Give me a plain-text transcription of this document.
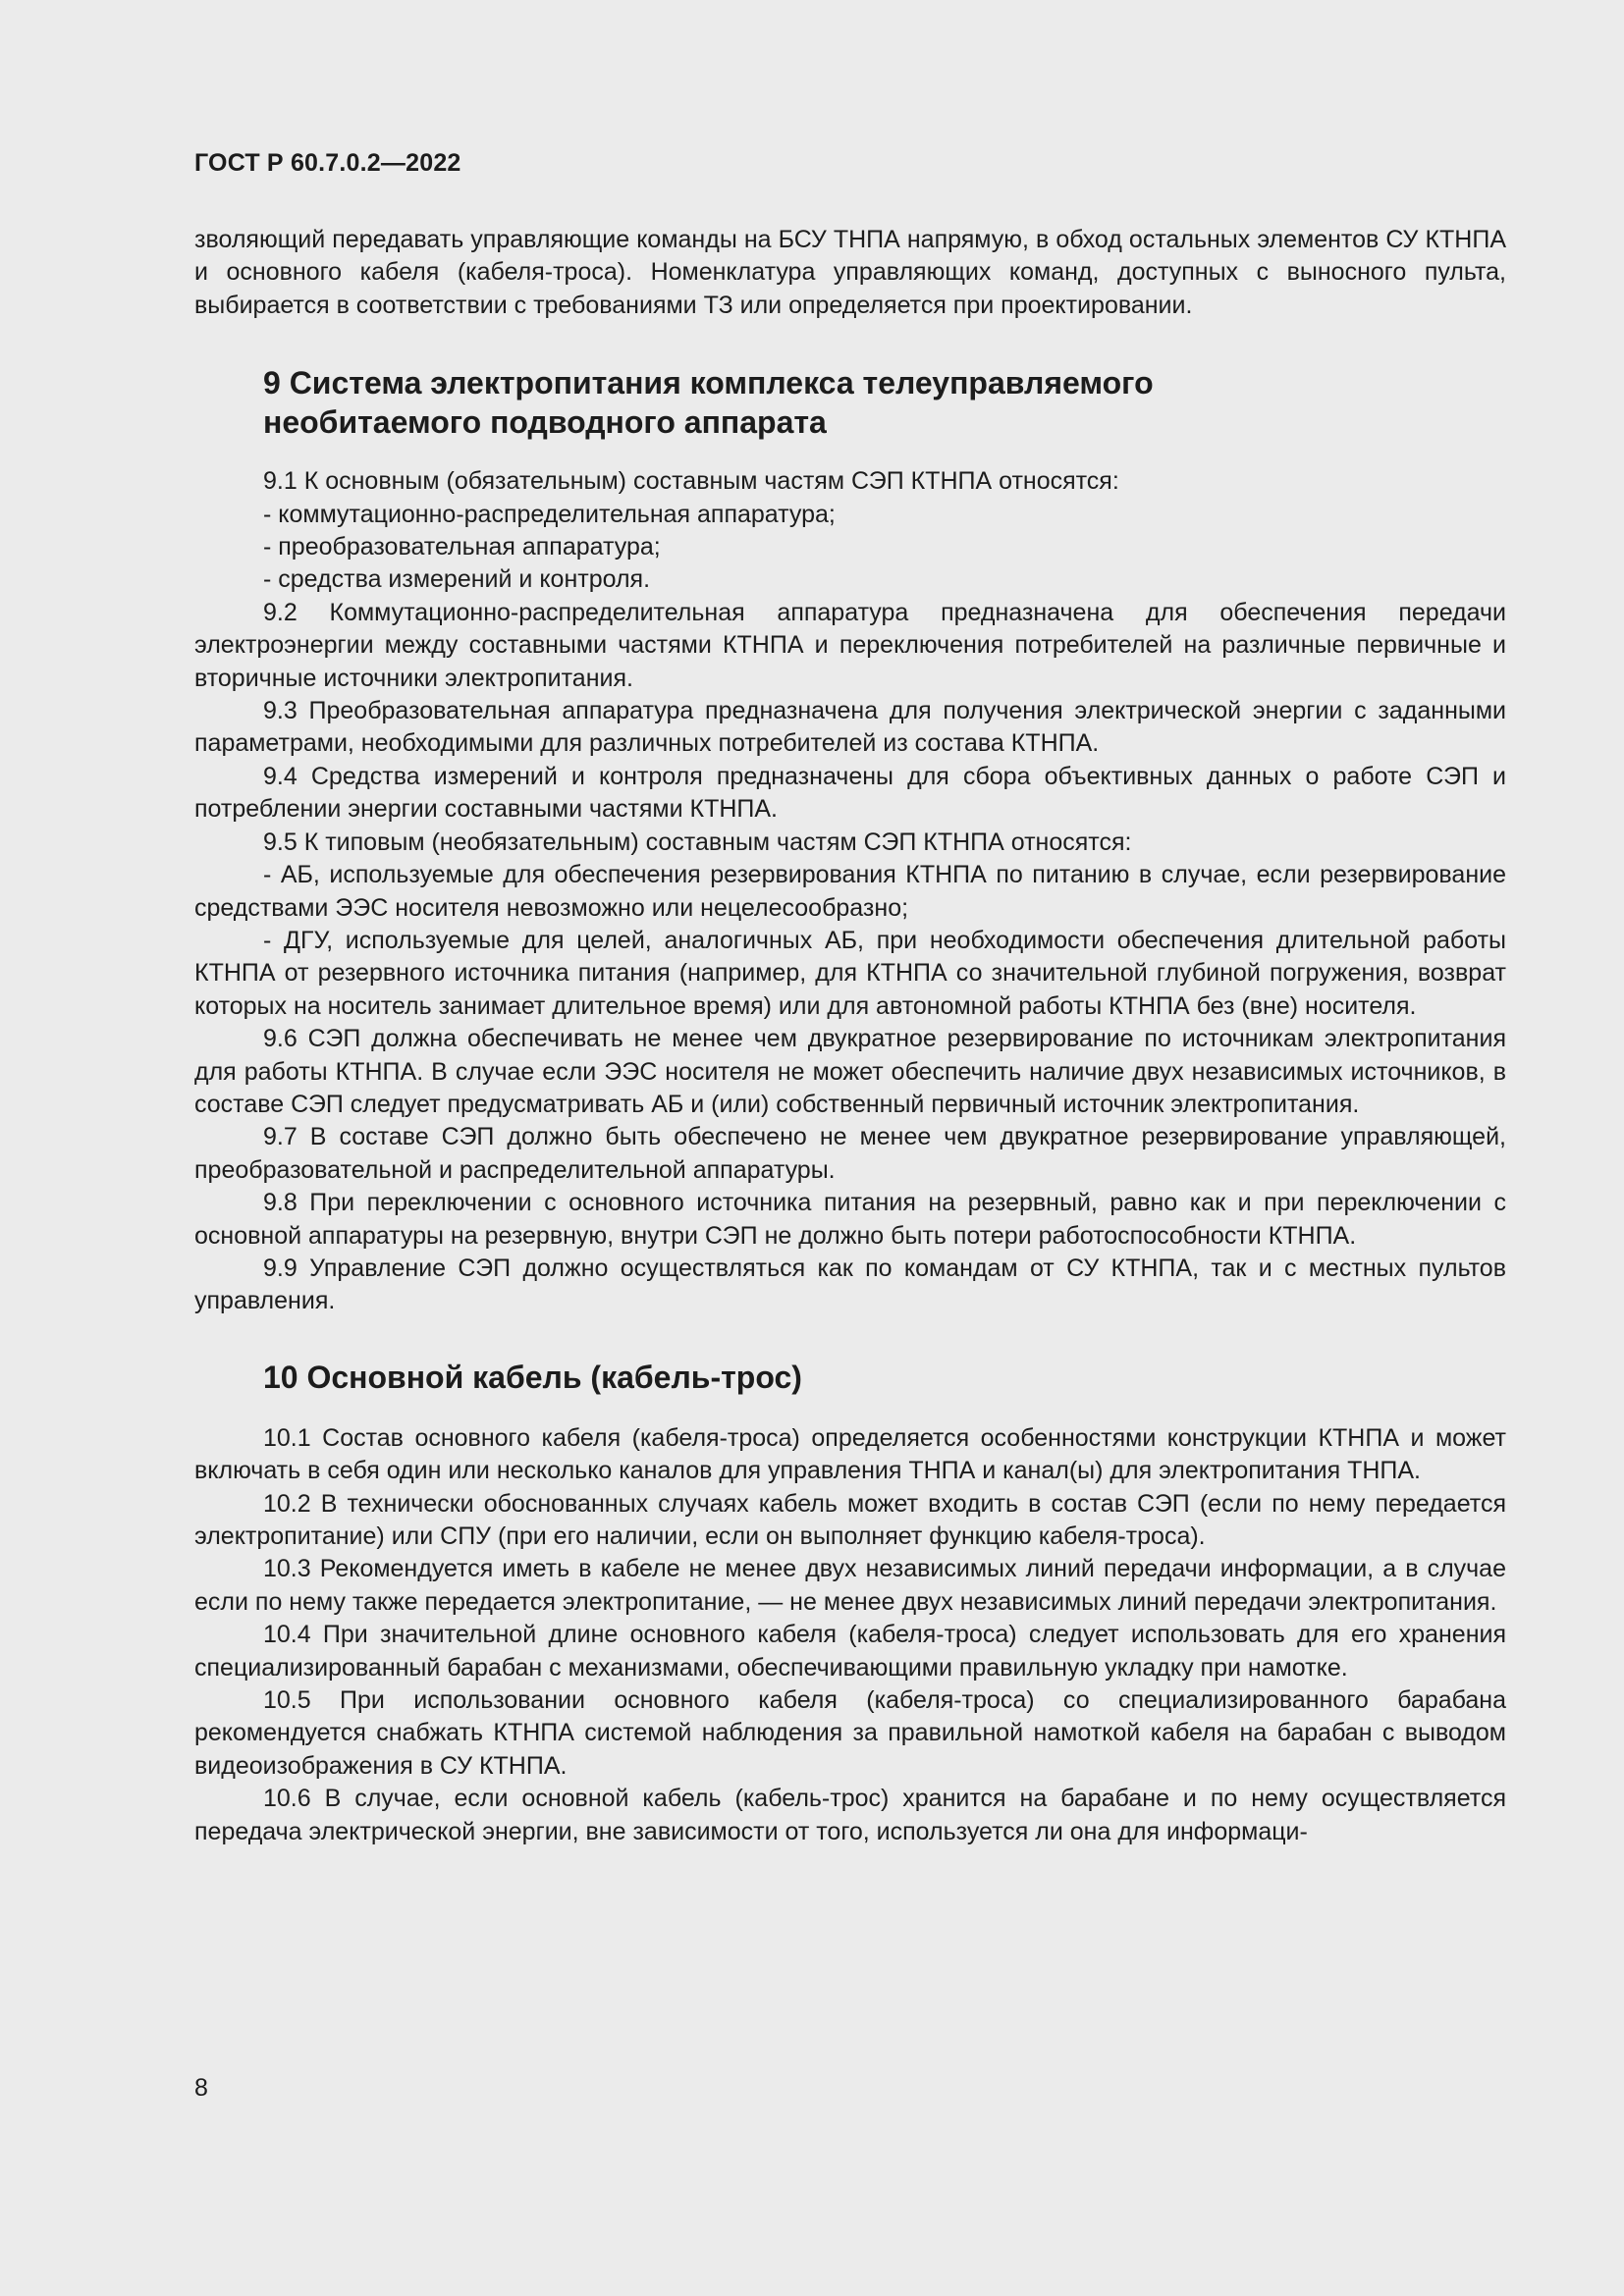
ГОСТ Р 60.7.0.2—2022

зволяющий передавать управляющие команды на БСУ ТНПА напрямую, в обход остальных элементов СУ КТНПА и основного кабеля (кабеля-троса). Номенклатура управляющих команд, доступных с выносного пульта, выбирается в соответствии с требованиями ТЗ или определяется при проектировании.

9 Система электропитания комплекса телеуправляемого
необитаемого подводного аппарата

9.1 К основным (обязательным) составным частям СЭП КТНПА относятся:

- коммутационно-распределительная аппаратура;

- преобразовательная аппаратура;

- средства измерений и контроля.

9.2 Коммутационно-распределительная аппаратура предназначена для обеспечения передачи электроэнергии между составными частями КТНПА и переключения потребителей на различные первичные и вторичные источники электропитания.

9.3 Преобразовательная аппаратура предназначена для получения электрической энергии с заданными параметрами, необходимыми для различных потребителей из состава КТНПА.

9.4 Средства измерений и контроля предназначены для сбора объективных данных о работе СЭП и потреблении энергии составными частями КТНПА.

9.5 К типовым (необязательным) составным частям СЭП КТНПА относятся:

- АБ, используемые для обеспечения резервирования КТНПА по питанию в случае, если резервирование средствами ЭЭС носителя невозможно или нецелесообразно;

- ДГУ, используемые для целей, аналогичных АБ, при необходимости обеспечения длительной работы КТНПА от резервного источника питания (например, для КТНПА со значительной глубиной погружения, возврат которых на носитель занимает длительное время) или для автономной работы КТНПА без (вне) носителя.

9.6 СЭП должна обеспечивать не менее чем двукратное резервирование по источникам электропитания для работы КТНПА. В случае если ЭЭС носителя не может обеспечить наличие двух независимых источников, в составе СЭП следует предусматривать АБ и (или) собственный первичный источник электропитания.

9.7 В составе СЭП должно быть обеспечено не менее чем двукратное резервирование управляющей, преобразовательной и распределительной аппаратуры.

9.8 При переключении с основного источника питания на резервный, равно как и при переключении с основной аппаратуры на резервную, внутри СЭП не должно быть потери работоспособности КТНПА.

9.9 Управление СЭП должно осуществляться как по командам от СУ КТНПА, так и с местных пультов управления.

10 Основной кабель (кабель-трос)

10.1 Состав основного кабеля (кабеля-троса) определяется особенностями конструкции КТНПА и может включать в себя один или несколько каналов для управления ТНПА и канал(ы) для электропитания ТНПА.

10.2 В технически обоснованных случаях кабель может входить в состав СЭП (если по нему передается электропитание) или СПУ (при его наличии, если он выполняет функцию кабеля-троса).

10.3 Рекомендуется иметь в кабеле не менее двух независимых линий передачи информации, а в случае если по нему также передается электропитание, — не менее двух независимых линий передачи электропитания.

10.4 При значительной длине основного кабеля (кабеля-троса) следует использовать для его хранения специализированный барабан с механизмами, обеспечивающими правильную укладку при намотке.

10.5 При использовании основного кабеля (кабеля-троса) со специализированного барабана рекомендуется снабжать КТНПА системой наблюдения за правильной намоткой кабеля на барабан с выводом видеоизображения в СУ КТНПА.

10.6 В случае, если основной кабель (кабель-трос) хранится на барабане и по нему осуществляется передача электрической энергии, вне зависимости от того, используется ли она для информаци-

8
